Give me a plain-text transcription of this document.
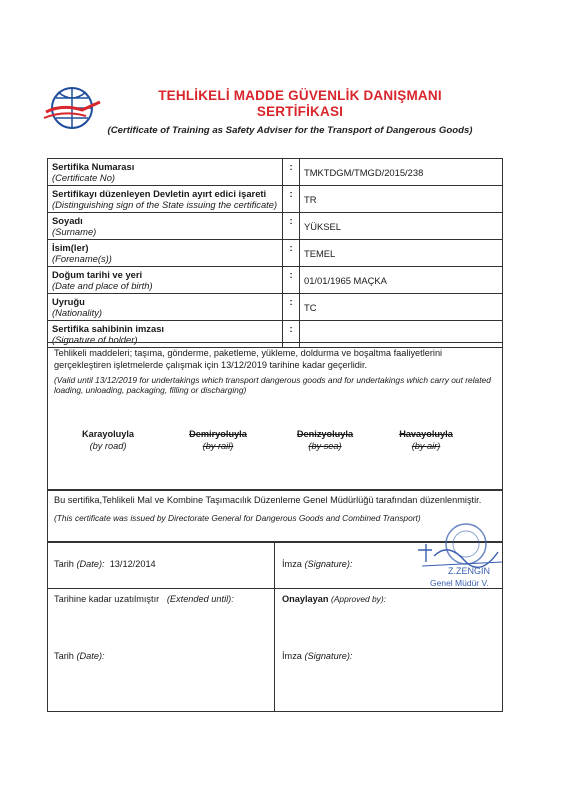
TEHLİKELİ MADDE GÜVENLİK DANIŞMANI
SERTİFİKASI
(Certificate of Training as Safety Adviser for the Transport of Dangerous Goods)
Sertifika Numarası
(Certificate No)	:	TMKTDGM/TMGD/2015/238

Sertifikayı düzenleyen Devletin ayırt edici işareti
(Distinguishing sign of the State issuing the certificate)	:	TR

Soyadı
(Surname)	:	YÜKSEL

İsim(ler)
(Forename(s))	:	TEMEL

Doğum tarihi ve yeri
(Date and place of birth)	:	01/01/1965 MAÇKA

Uyruğu
(Nationality)	:	TC

Sertifika sahibinin imzası
(Signature of holder)	:	
Tehlikeli maddeleri; taşıma, gönderme, paketleme, yükleme, doldurma ve boşaltma faaliyetlerini gerçekleştiren işletmelerde çalışmak için 13/12/2019 tarihine kadar geçerlidir.
(Valid until 13/12/2019 for undertakings which transport dangerous goods and for undertakings which carry out related loading, unloading, packaging, filling or discharging)
Karayoluyla
(by road)
Demiryoluyla
(by rail)
Denizyoluyla
(by sea)
Havayoluyla
(by air)
Bu sertifika,Tehlikeli Mal ve Kombine Taşımacılık Düzenleme Genel Müdürlüğü tarafından düzenlenmiştir.
(This certificate was issued by Directorate General for Dangerous Goods and Combined Transport)
Tarih (Date): 13/12/2014	İmza (Signature):
Tarihine kadar uzatılmıştır (Extended until):	Onaylayan (Approved by):
Tarih (Date):	İmza (Signature):
Z.ZENGİN
Genel Müdür V.
